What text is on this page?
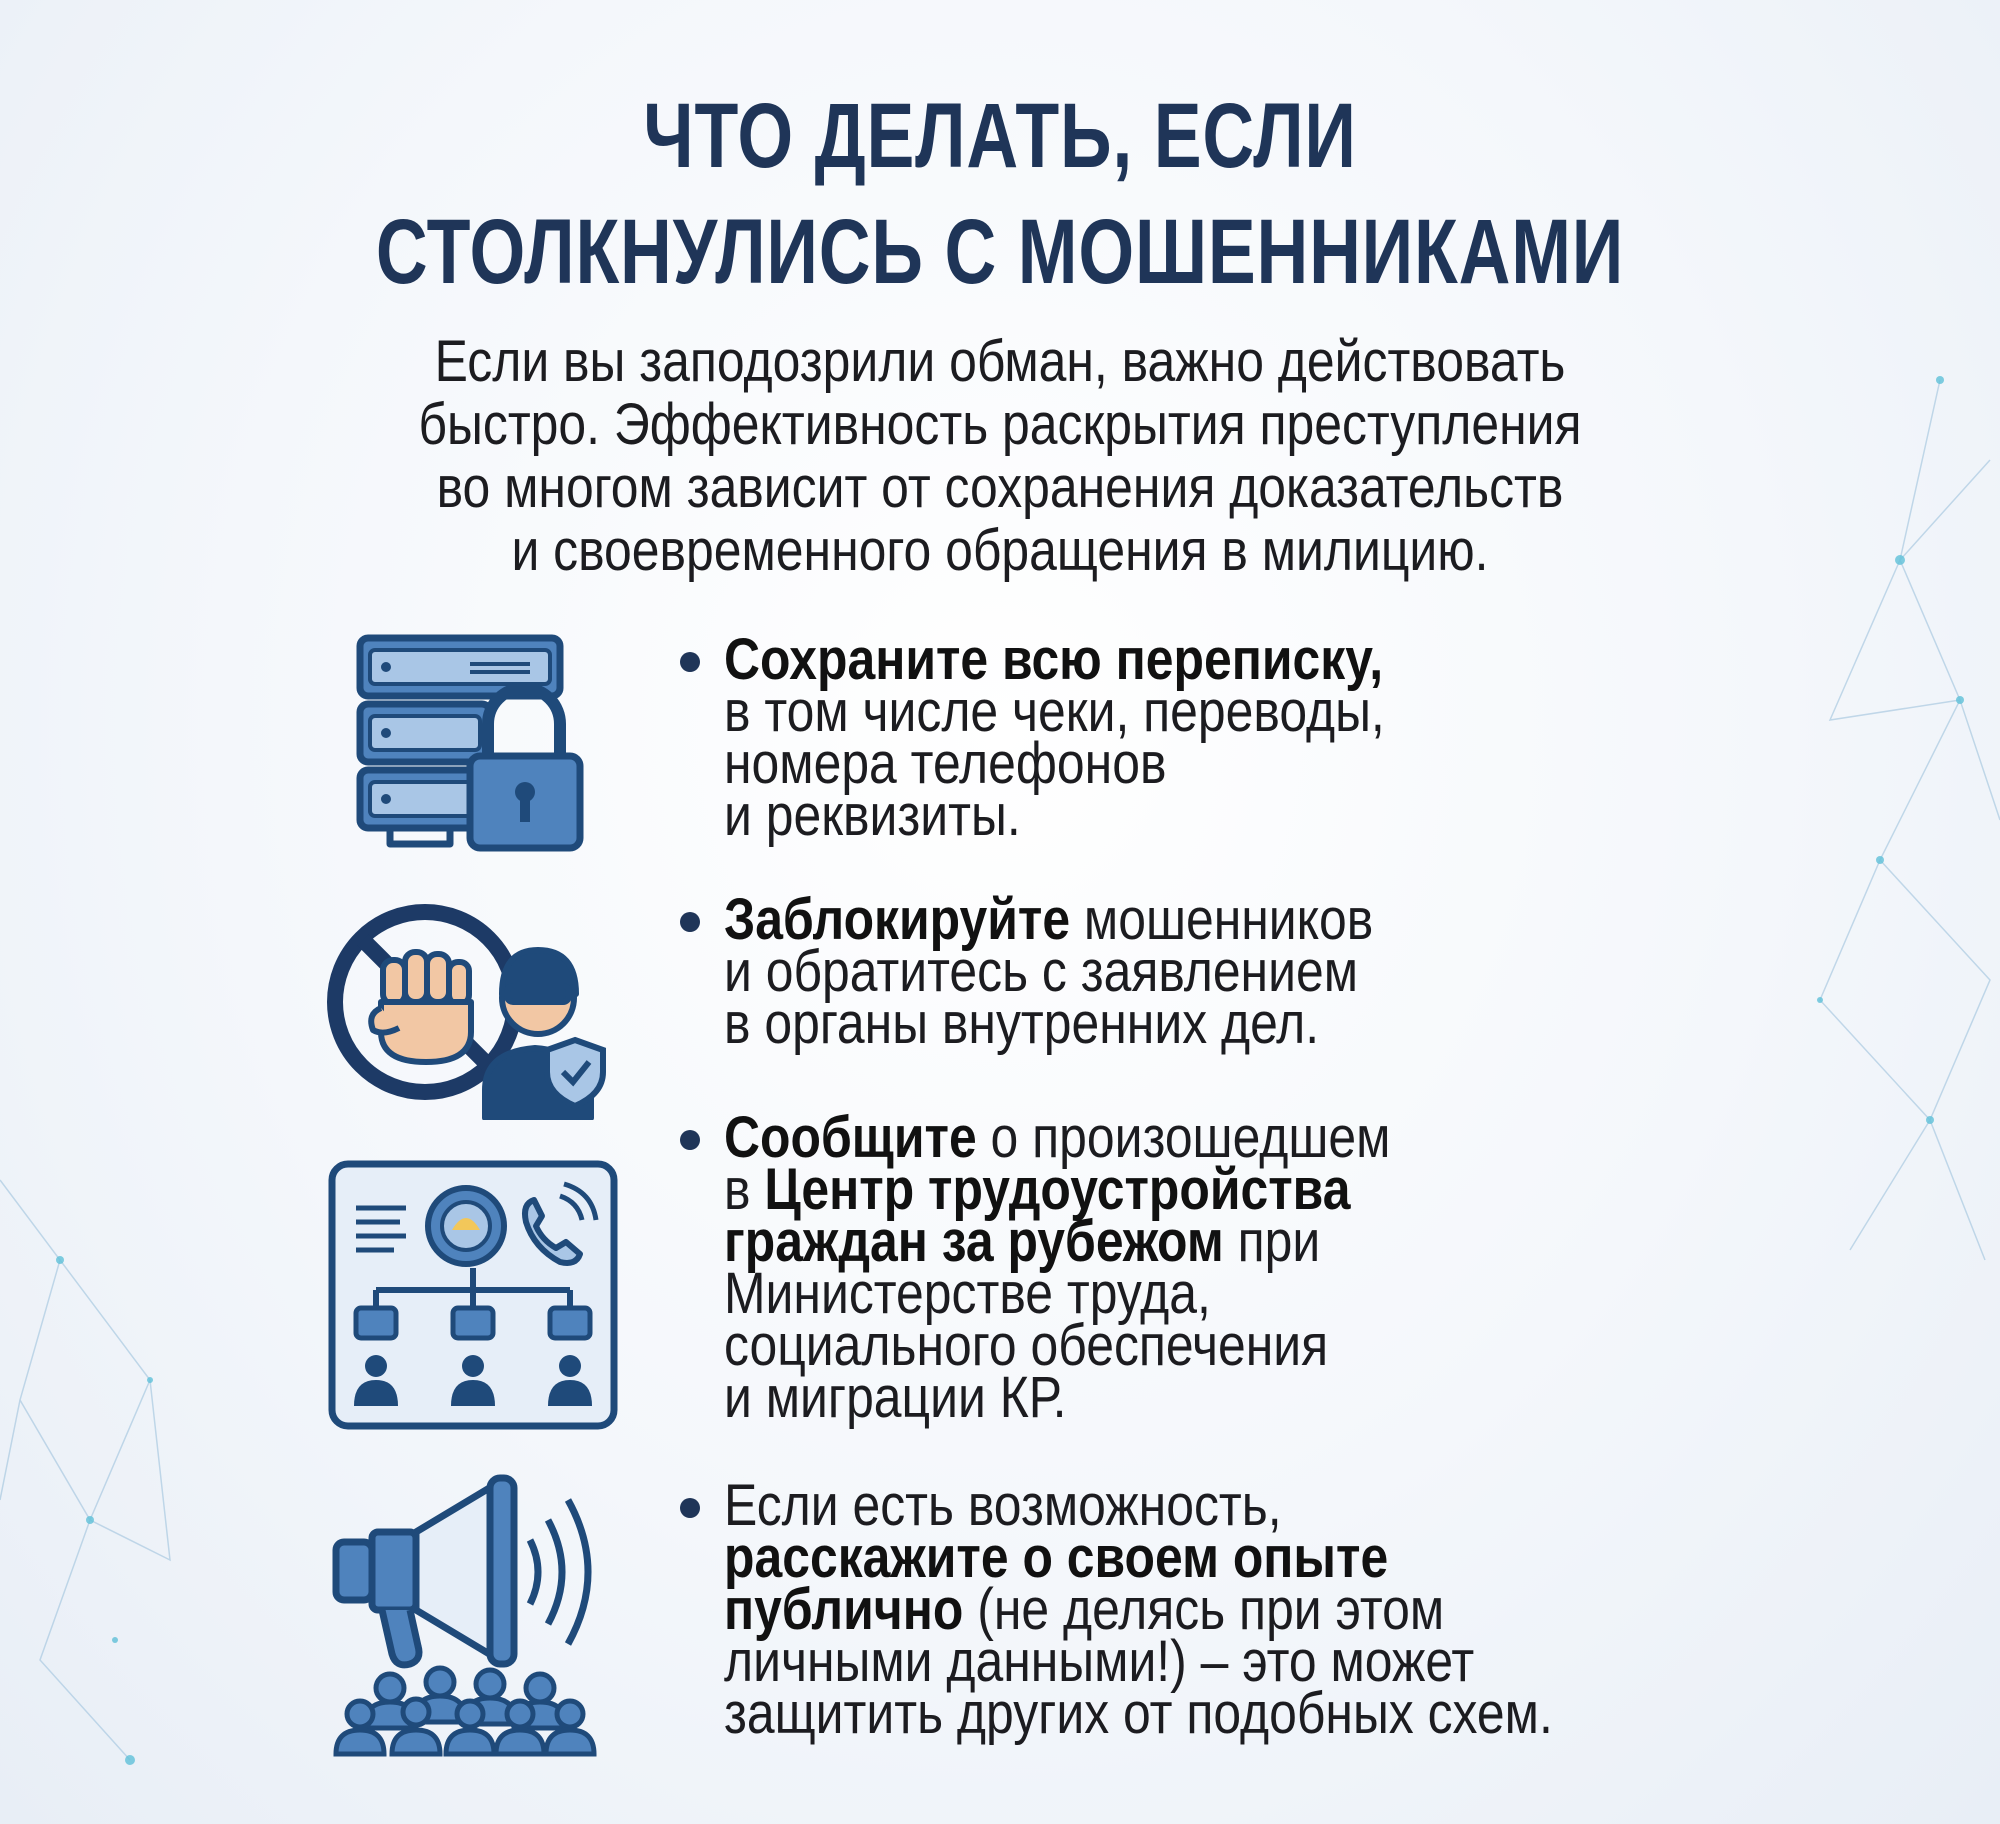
ЧТО ДЕЛАТЬ, ЕСЛИ
СТОЛКНУЛИСЬ С МОШЕННИКАМИ
Если вы заподозрили обман, важно действовать
быстро. Эффективность раскрытия преступления
во многом зависит от сохранения доказательств
и своевременного обращения в милицию.
Сохраните всю переписку,
в том числе чеки, переводы,
номера телефонов
и реквизиты.
Заблокируйте мошенников
и обратитесь с заявлением
в органы внутренних дел.
Сообщите о произошедшем
в Центр трудоустройства
граждан за рубежом при
Министерстве труда,
социального обеспечения
и миграции КР.
Если есть возможность,
расскажите о своем опыте
публично (не делясь при этом
личными данными!) – это может
защитить других от подобных схем.
